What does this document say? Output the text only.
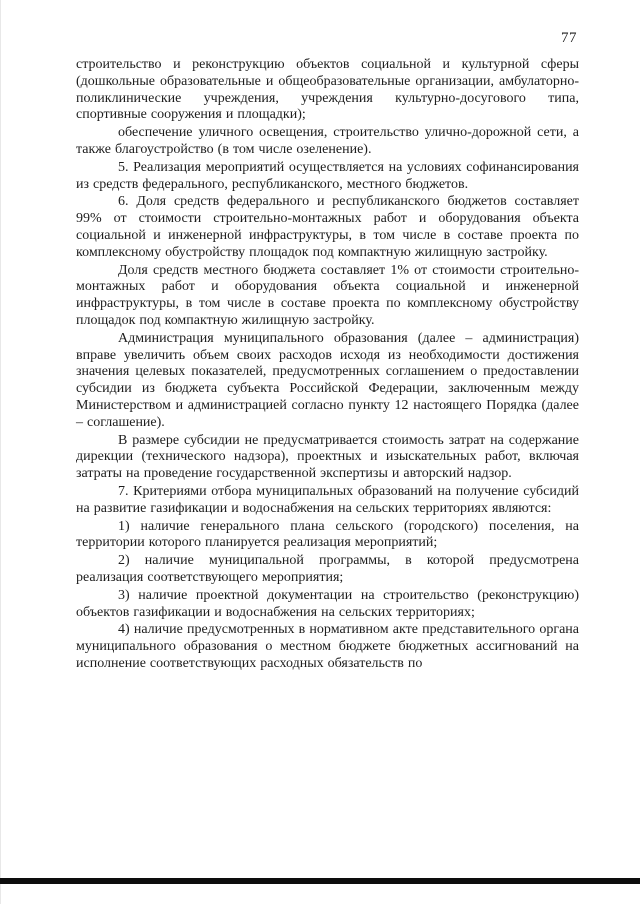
77

строительство и реконструкцию объектов социальной и культурной сферы (дошкольные образовательные и общеобразовательные организации, амбулаторно-поликлинические учреждения, учреждения культурно-досугового типа, спортивные сооружения и площадки);

обеспечение уличного освещения, строительство улично-дорожной сети, а также благоустройство (в том числе озеленение).

5. Реализация мероприятий осуществляется на условиях софинансирования из средств федерального, республиканского, местного бюджетов.

6. Доля средств федерального и республиканского бюджетов составляет 99% от стоимости строительно-монтажных работ и оборудования объекта социальной и инженерной инфраструктуры, в том числе в составе проекта по комплексному обустройству площадок под компактную жилищную застройку.

Доля средств местного бюджета составляет 1% от стоимости строительно-монтажных работ и оборудования объекта социальной и инженерной инфраструктуры, в том числе в составе проекта по комплексному обустройству площадок под компактную жилищную застройку.

Администрация муниципального образования (далее – администрация) вправе увеличить объем своих расходов исходя из необходимости достижения значения целевых показателей, предусмотренных соглашением о предоставлении субсидии из бюджета субъекта Российской Федерации, заключенным между Министерством и администрацией согласно пункту 12 настоящего Порядка (далее – соглашение).

В размере субсидии не предусматривается стоимость затрат на содержание дирекции (технического надзора), проектных и изыскательных работ, включая затраты на проведение государственной экспертизы и авторский надзор.

7. Критериями отбора муниципальных образований на получение субсидий на развитие газификации и водоснабжения на сельских территориях являются:

1) наличие генерального плана сельского (городского) поселения, на территории которого планируется реализация мероприятий;

2) наличие муниципальной программы, в которой предусмотрена реализация соответствующего мероприятия;

3) наличие проектной документации на строительство (реконструкцию) объектов газификации и водоснабжения на сельских территориях;

4) наличие предусмотренных в нормативном акте представительного органа муниципального образования о местном бюджете бюджетных ассигнований на исполнение соответствующих расходных обязательств по
